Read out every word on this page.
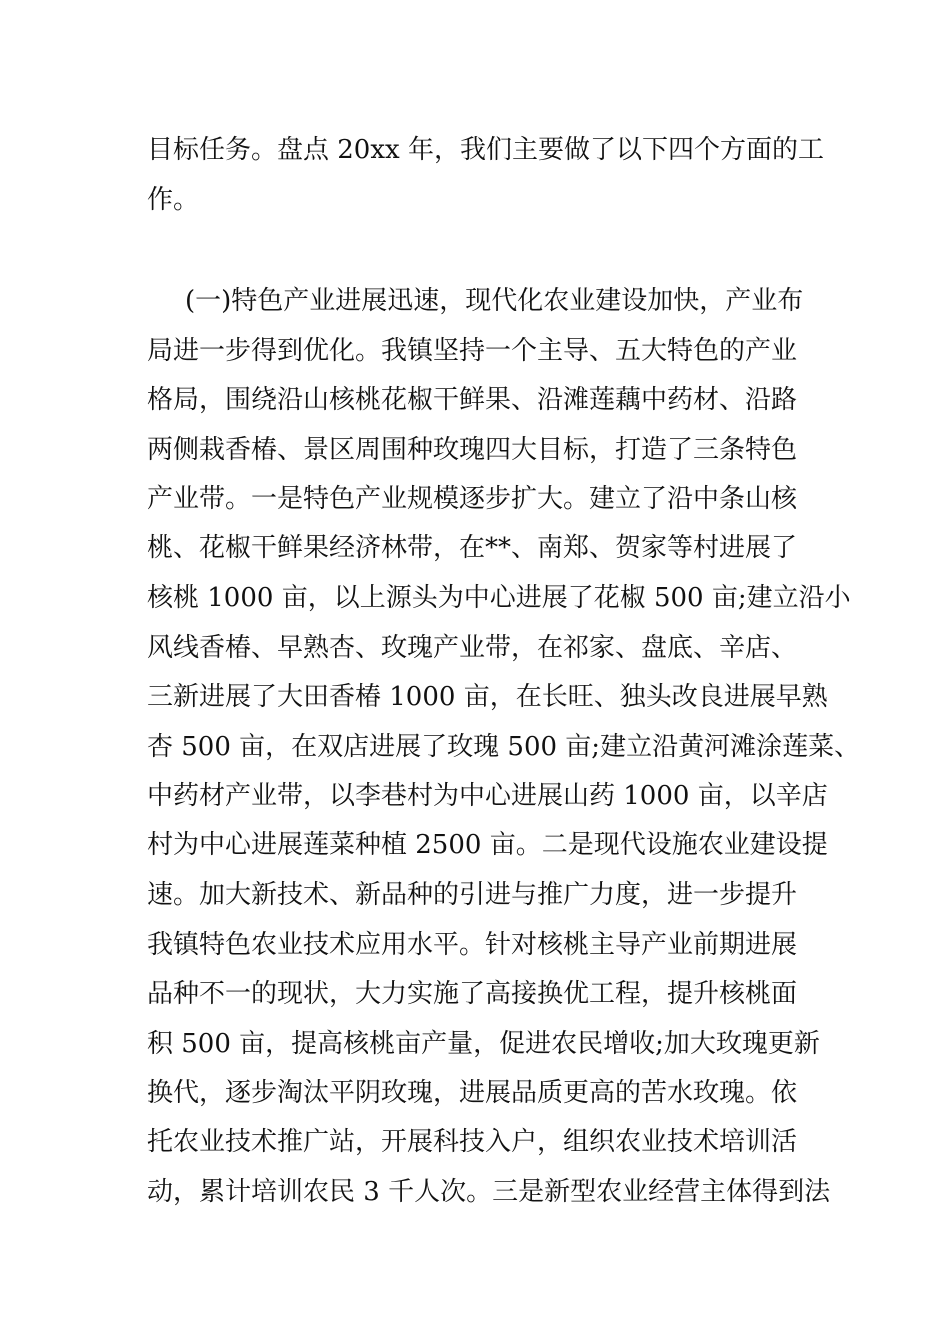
目标任务。盘点 20xx 年，我们主要做了以下四个方面的工
作。
(一)特色产业进展迅速，现代化农业建设加快，产业布
局进一步得到优化。我镇坚持一个主导、五大特色的产业
格局，围绕沿山核桃花椒干鲜果、沿滩莲藕中药材、沿路
两侧栽香椿、景区周围种玫瑰四大目标，打造了三条特色
产业带。一是特色产业规模逐步扩大。建立了沿中条山核
桃、花椒干鲜果经济林带，在**、南郑、贺家等村进展了
核桃 1000 亩，以上源头为中心进展了花椒 500 亩;建立沿小
风线香椿、早熟杏、玫瑰产业带，在祁家、盘底、辛店、
三新进展了大田香椿 1000 亩，在长旺、独头改良进展早熟
杏 500 亩，在双店进展了玫瑰 500 亩;建立沿黄河滩涂莲菜、
中药材产业带，以李巷村为中心进展山药 1000 亩，以辛店
村为中心进展莲菜种植 2500 亩。二是现代设施农业建设提
速。加大新技术、新品种的引进与推广力度，进一步提升
我镇特色农业技术应用水平。针对核桃主导产业前期进展
品种不一的现状，大力实施了高接换优工程，提升核桃面
积 500 亩，提高核桃亩产量，促进农民增收;加大玫瑰更新
换代，逐步淘汰平阴玫瑰，进展品质更高的苦水玫瑰。依
托农业技术推广站，开展科技入户，组织农业技术培训活
动，累计培训农民 3 千人次。三是新型农业经营主体得到法
